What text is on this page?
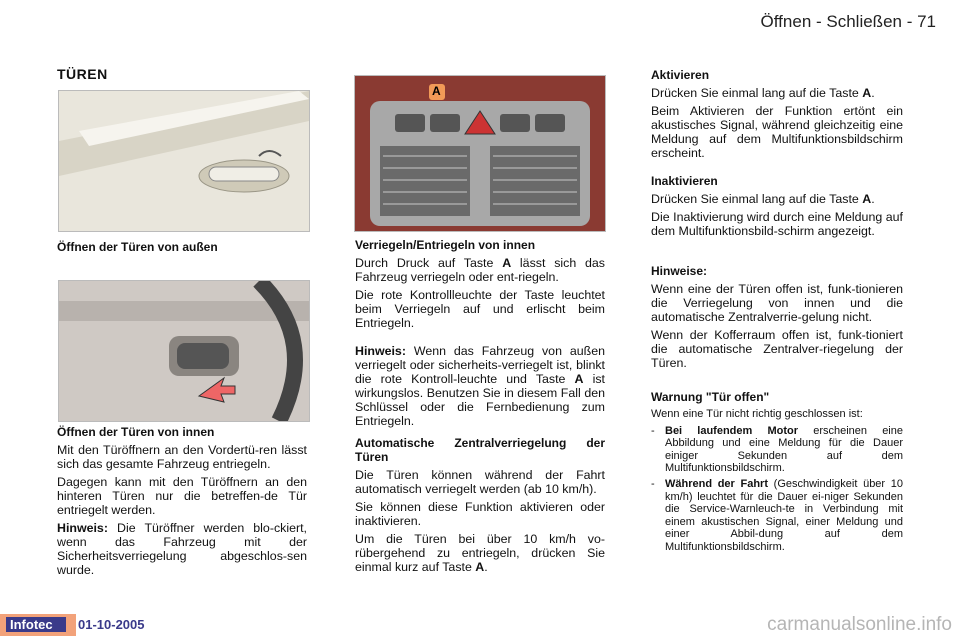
Öffnen - Schließen - 71
TÜREN

Öffnen der Türen von außen

Öffnen der Türen von innen

Mit den Türöffnern an den Vordertü-ren lässt sich das gesamte Fahrzeug entriegeln.

Dagegen kann mit den Türöffnern an den hinteren Türen nur die betreffen-de Tür entriegelt werden.

Hinweis: Die Türöffner werden blo-ckiert, wenn das Fahrzeug mit der Sicherheitsverriegelung abgeschlos-sen wurde.

A

Verriegeln/Entriegeln von innen

Durch Druck auf Taste A lässt sich das Fahrzeug verriegeln oder ent-riegeln.

Die rote Kontrollleuchte der Taste leuchtet beim Verriegeln auf und erlischt beim Entriegeln.

Hinweis: Wenn das Fahrzeug von außen verriegelt oder sicherheits-verriegelt ist, blinkt die rote Kontroll-leuchte und Taste A ist wirkungslos. Benutzen Sie in diesem Fall den Schlüssel oder die Fernbedienung zum Entriegeln.

Automatische Zentralverriegelung der Türen

Die Türen können während der Fahrt automatisch verriegelt werden (ab 10 km/h).

Sie können diese Funktion aktivieren oder inaktivieren.

Um die Türen bei über 10 km/h vo-rübergehend zu entriegeln, drücken Sie einmal kurz auf Taste A.

Aktivieren

Drücken Sie einmal lang auf die Taste A.

Beim Aktivieren der Funktion ertönt ein akustisches Signal, während gleichzeitig eine Meldung auf dem Multifunktionsbildschirm erscheint.

Inaktivieren

Drücken Sie einmal lang auf die Taste A.

Die Inaktivierung wird durch eine Meldung auf dem Multifunktionsbild-schirm angezeigt.

Hinweise:

Wenn eine der Türen offen ist, funk-tionieren die Verriegelung von innen und die automatische Zentralverrie-gelung nicht.

Wenn der Kofferraum offen ist, funk-tioniert die automatische Zentralver-riegelung der Türen.

Warnung "Tür offen"

Wenn eine Tür nicht richtig geschlossen ist:

- Bei laufendem Motor erscheinen eine Abbildung und eine Meldung für die Dauer einiger Sekunden auf dem Multifunktionsbildschirm.
- Während der Fahrt (Geschwindigkeit über 10 km/h) leuchtet für die Dauer ei-niger Sekunden die Service-Warnleuch-te in Verbindung mit einem akustischen Signal, einer Meldung und einer Abbil-dung auf dem Multifunktionsbildschirm.
Infotec	01-10-2005	carmanualsonline.info
